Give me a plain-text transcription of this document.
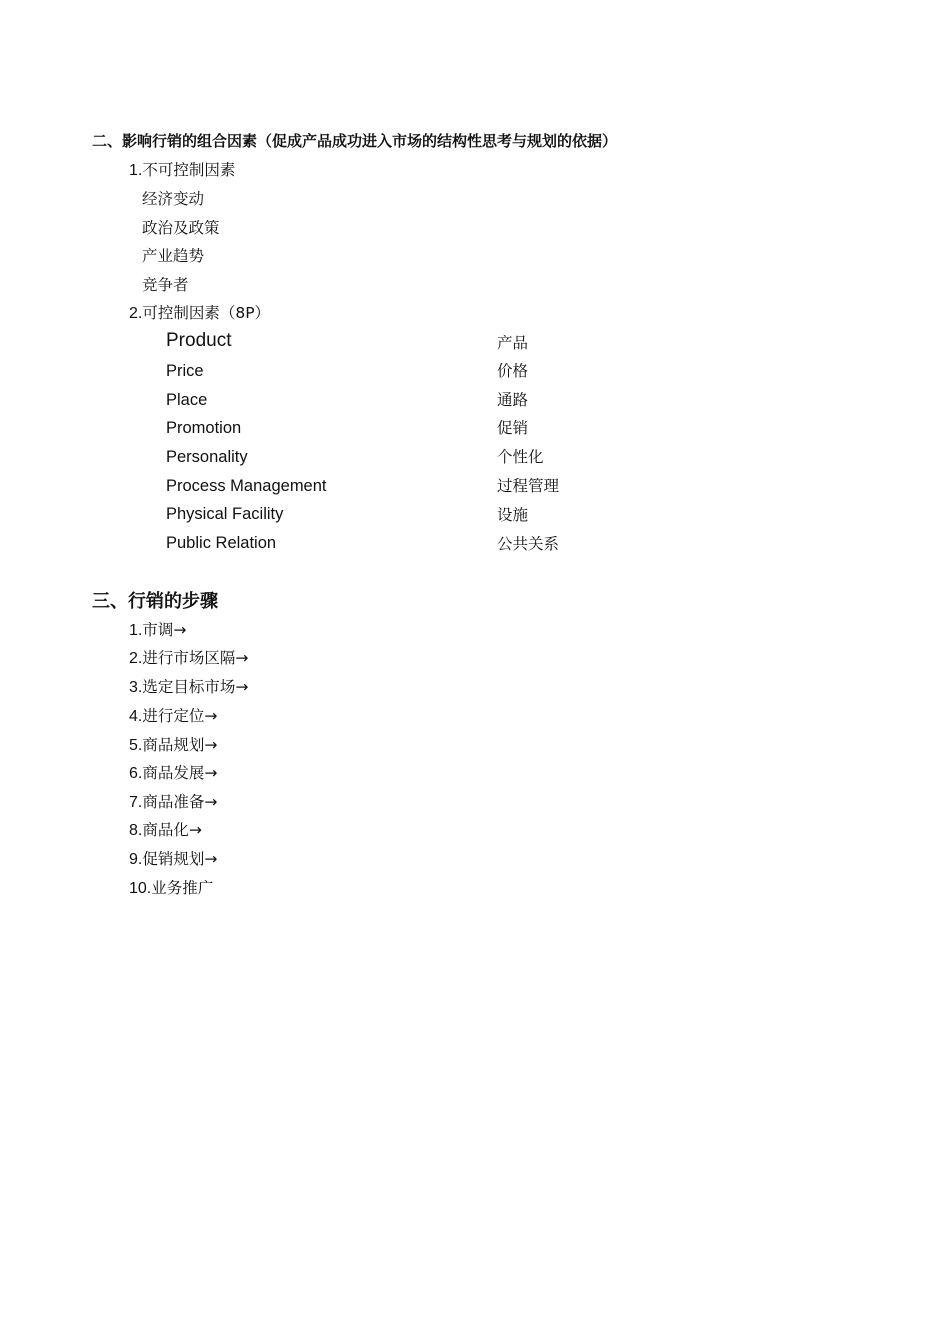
二、影响行销的组合因素（促成产品成功进入市场的结构性思考与规划的依据）
1.不可控制因素
经济变动
政治及政策
产业趋势
竞争者
2.可控制因素（8P）
Product	产品
Price	价格
Place	通路
Promotion	促销
Personality	个性化
Process Management	过程管理
Physical Facility	设施
Public Relation	公共关系
三、行销的步骤
1.市调→
2.进行市场区隔→
3.选定目标市场→
4.进行定位→
5.商品规划→
6.商品发展→
7.商品准备→
8.商品化→
9.促销规划→
10.业务推广
